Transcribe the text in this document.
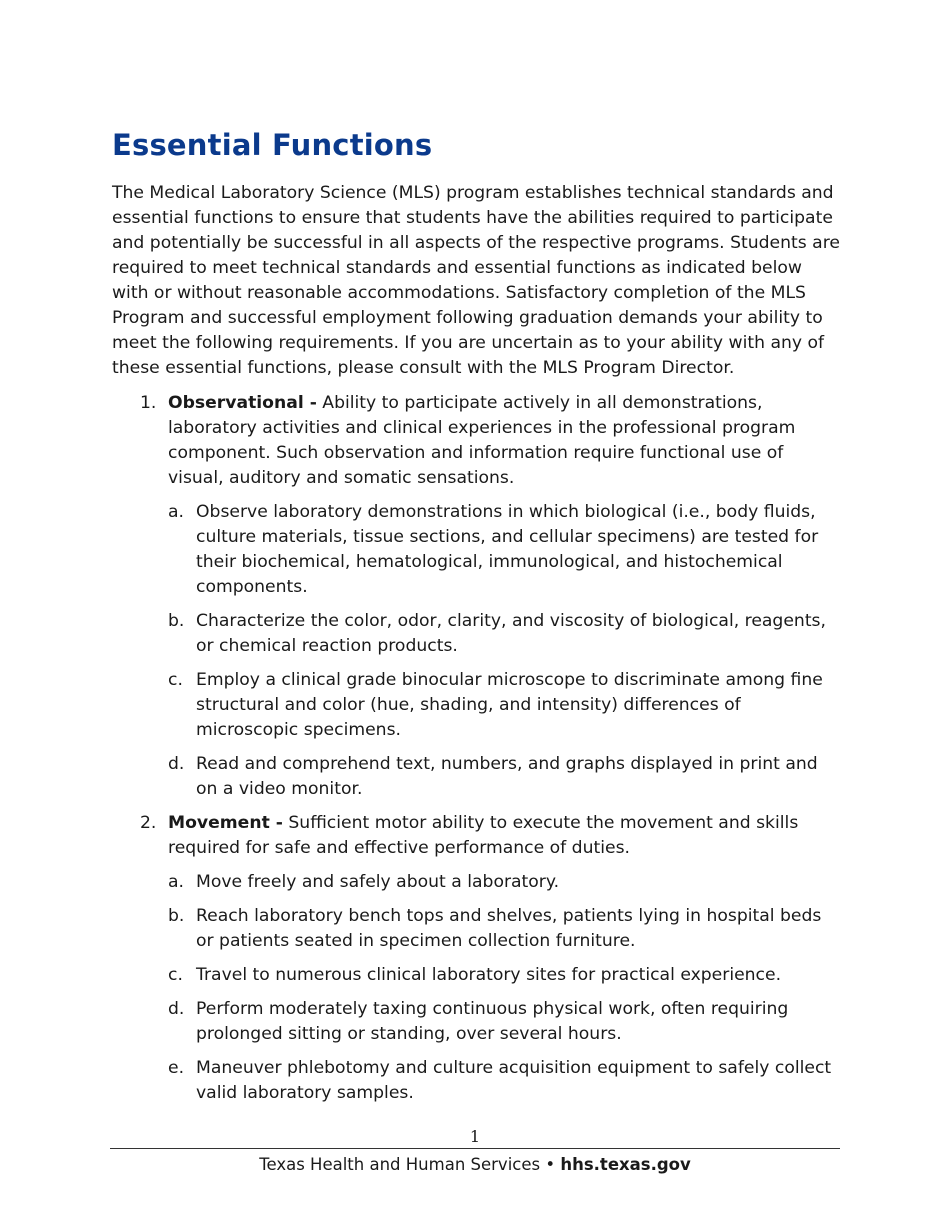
Essential Functions

The Medical Laboratory Science (MLS) program establishes technical standards and essential functions to ensure that students have the abilities required to participate and potentially be successful in all aspects of the respective programs. Students are required to meet technical standards and essential functions as indicated below with or without reasonable accommodations. Satisfactory completion of the MLS Program and successful employment following graduation demands your ability to meet the following requirements. If you are uncertain as to your ability with any of these essential functions, please consult with the MLS Program Director.

1. Observational - Ability to participate actively in all demonstrations, laboratory activities and clinical experiences in the professional program component. Such observation and information require functional use of visual, auditory and somatic sensations.
a. Observe laboratory demonstrations in which biological (i.e., body fluids, culture materials, tissue sections, and cellular specimens) are tested for their biochemical, hematological, immunological, and histochemical components.
b. Characterize the color, odor, clarity, and viscosity of biological, reagents, or chemical reaction products.
c. Employ a clinical grade binocular microscope to discriminate among fine structural and color (hue, shading, and intensity) differences of microscopic specimens.
d. Read and comprehend text, numbers, and graphs displayed in print and on a video monitor.
2. Movement - Sufficient motor ability to execute the movement and skills required for safe and effective performance of duties.
a. Move freely and safely about a laboratory.
b. Reach laboratory bench tops and shelves, patients lying in hospital beds or patients seated in specimen collection furniture.
c. Travel to numerous clinical laboratory sites for practical experience.
d. Perform moderately taxing continuous physical work, often requiring prolonged sitting or standing, over several hours.
e. Maneuver phlebotomy and culture acquisition equipment to safely collect valid laboratory samples.
1
Texas Health and Human Services • hhs.texas.gov
